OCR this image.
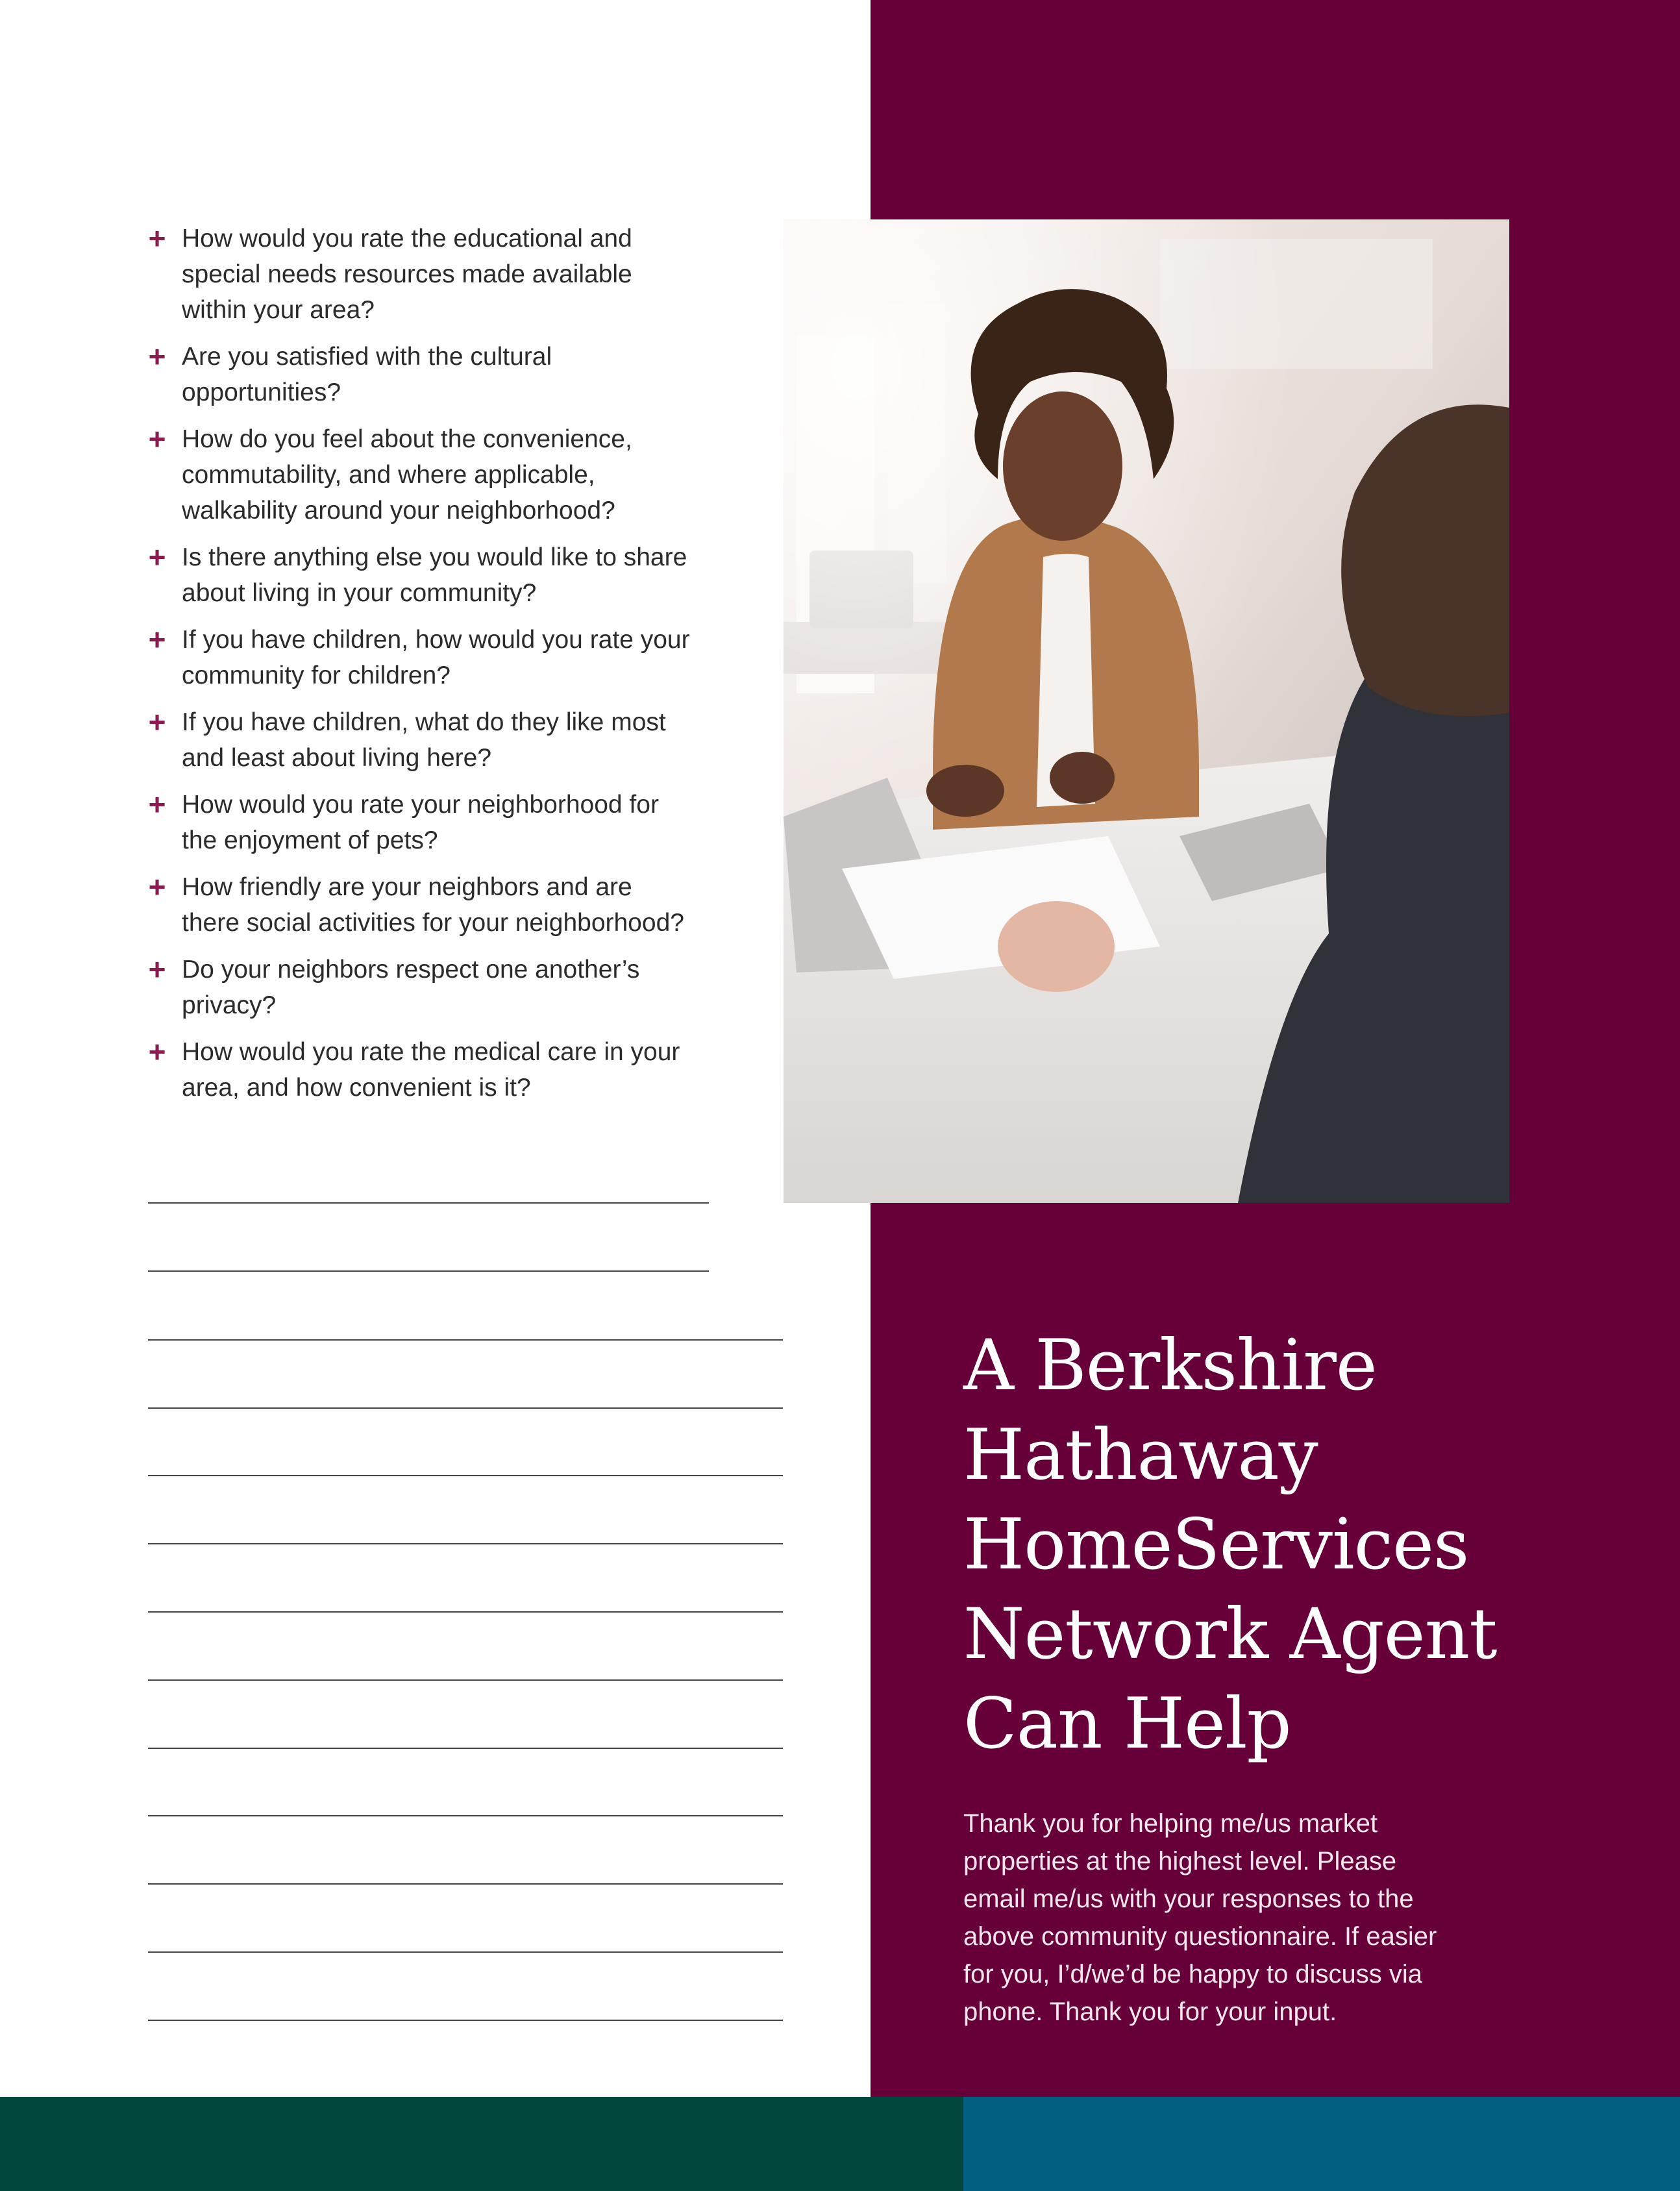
+ How would you rate the educational and
special needs resources made available
within your area?
+ Are you satisfied with the cultural
opportunities?
+ How do you feel about the convenience,
commutability, and where applicable,
walkability around your neighborhood?
+ Is there anything else you would like to share
about living in your community?
+ If you have children, how would you rate your
community for children?
+ If you have children, what do they like most
and least about living here?
+ How would you rate your neighborhood for
the enjoyment of pets?
+ How friendly are your neighbors and are
there social activities for your neighborhood?
+ Do your neighbors respect one another’s
privacy?
+ How would you rate the medical care in your
area, and how convenient is it?
A Berkshire
Hathaway
HomeServices
Network Agent
Can Help

Thank you for helping me/us market
properties at the highest level. Please
email me/us with your responses to the
above community questionnaire. If easier
for you, I’d/we’d be happy to discuss via
phone. Thank you for your input.
